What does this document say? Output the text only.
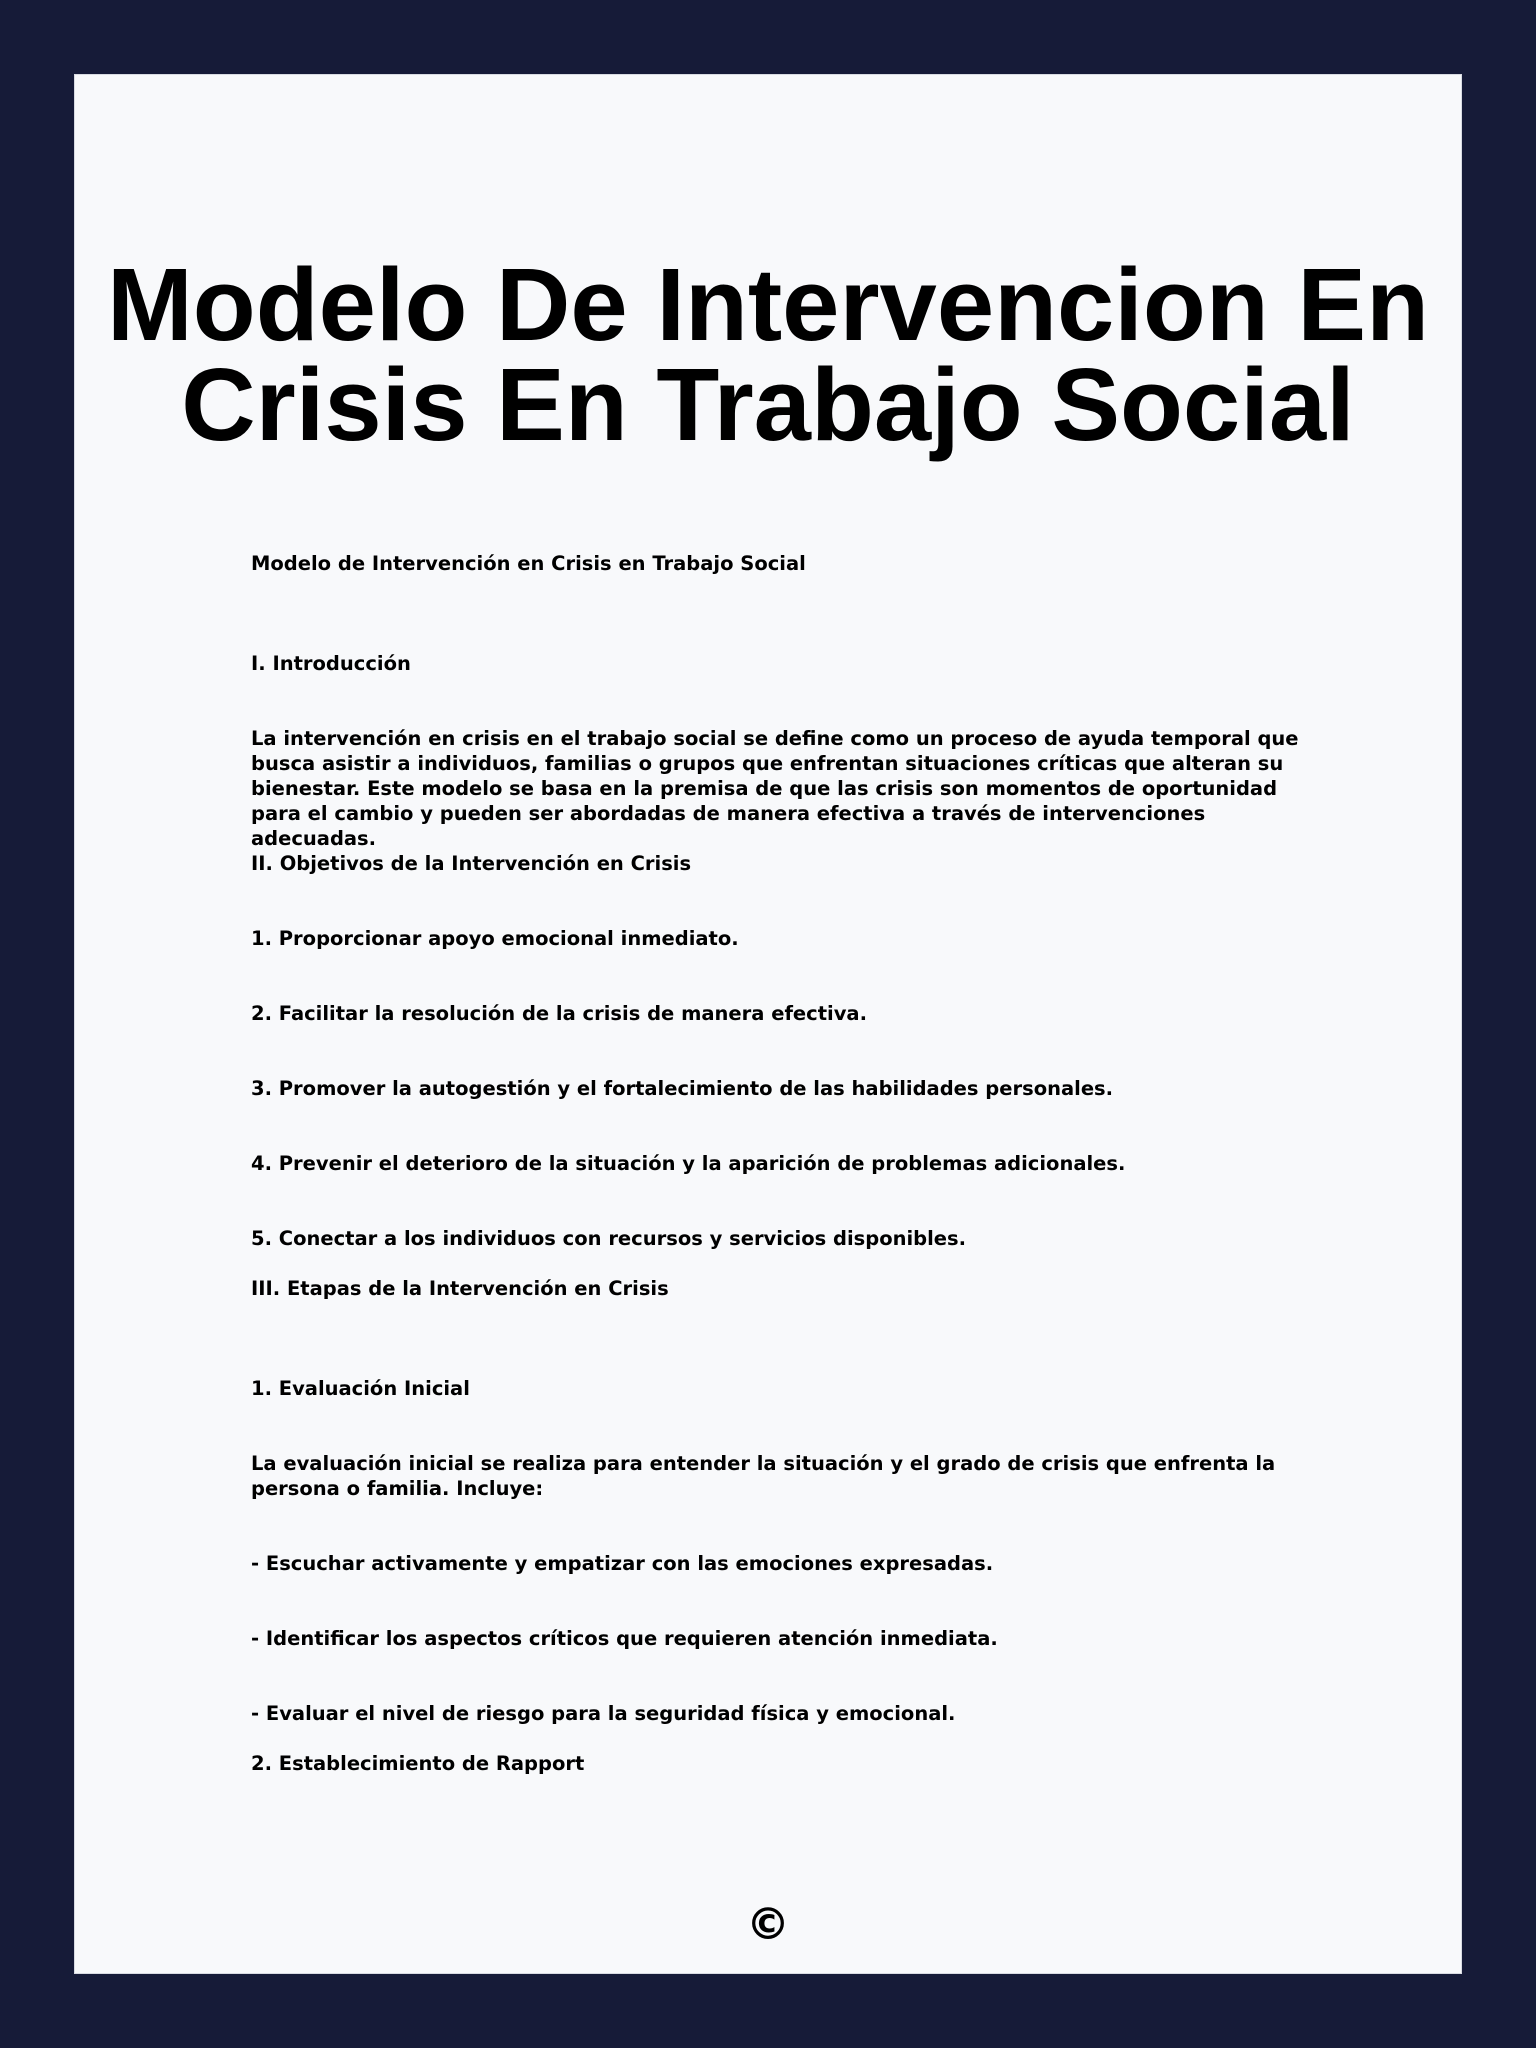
Modelo De Intervencion En Crisis En Trabajo Social

Modelo de Intervención en Crisis en Trabajo Social

I. Introducción

La intervención en crisis en el trabajo social se define como un proceso de ayuda temporal que busca asistir a individuos, familias o grupos que enfrentan situaciones críticas que alteran su bienestar. Este modelo se basa en la premisa de que las crisis son momentos de oportunidad para el cambio y pueden ser abordadas de manera efectiva a través de intervenciones adecuadas.

II. Objetivos de la Intervención en Crisis

1. Proporcionar apoyo emocional inmediato.

2. Facilitar la resolución de la crisis de manera efectiva.

3. Promover la autogestión y el fortalecimiento de las habilidades personales.

4. Prevenir el deterioro de la situación y la aparición de problemas adicionales.

5. Conectar a los individuos con recursos y servicios disponibles.

III. Etapas de la Intervención en Crisis

1. Evaluación Inicial

La evaluación inicial se realiza para entender la situación y el grado de crisis que enfrenta la persona o familia. Incluye:

- Escuchar activamente y empatizar con las emociones expresadas.

- Identificar los aspectos críticos que requieren atención inmediata.

- Evaluar el nivel de riesgo para la seguridad física y emocional.

2. Establecimiento de Rapport

©
